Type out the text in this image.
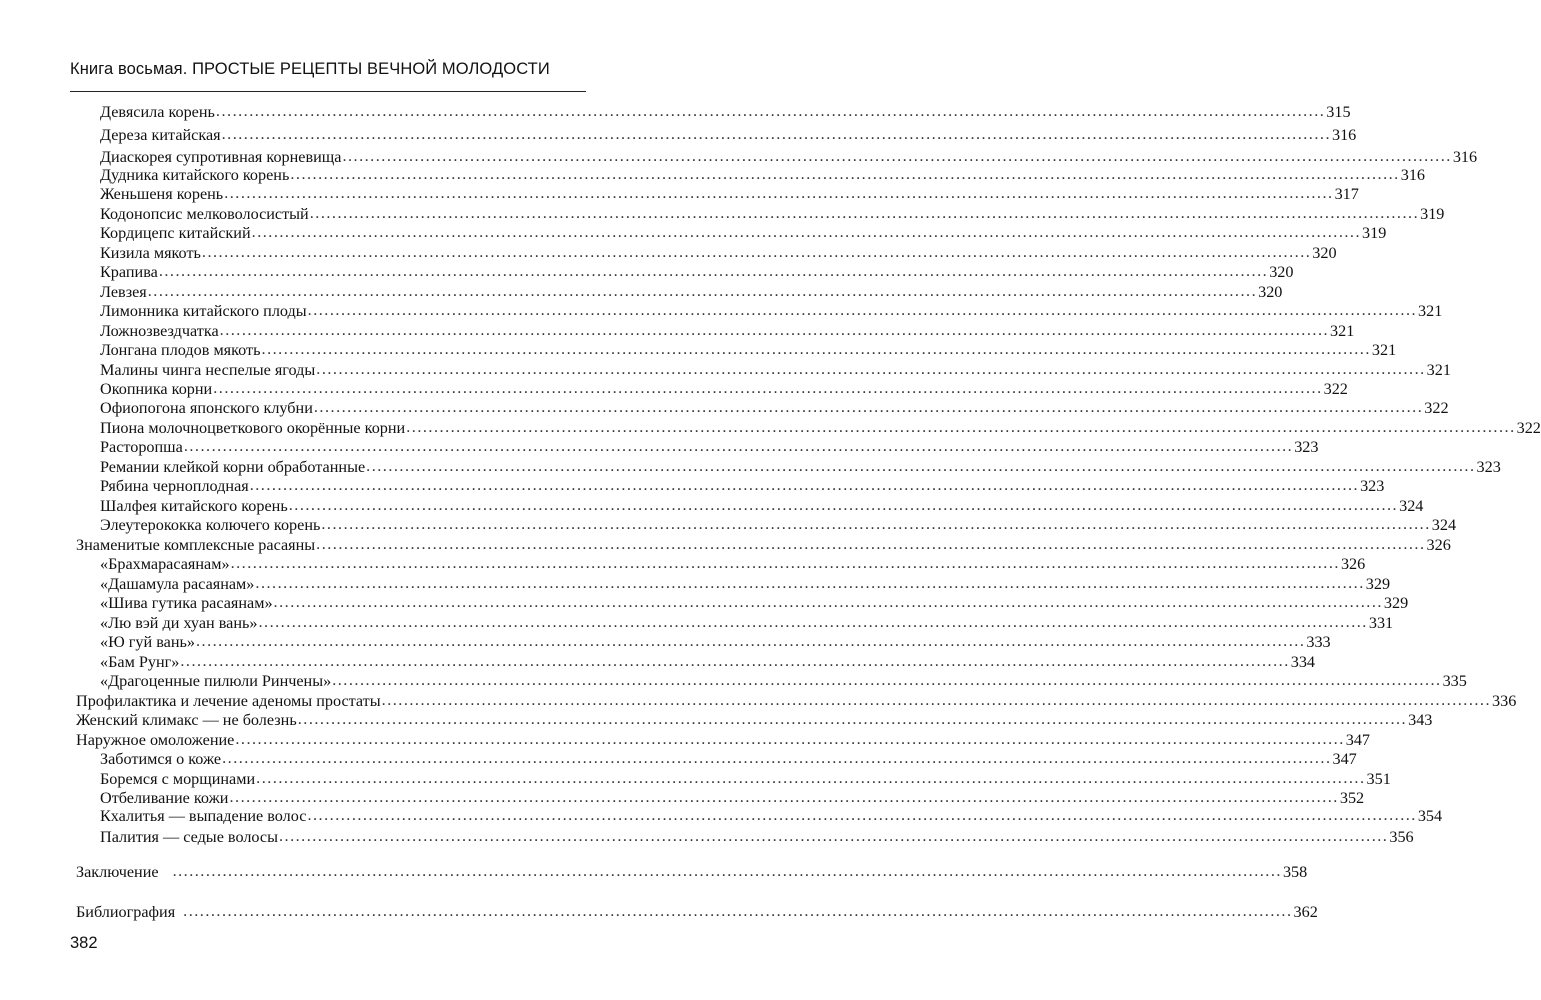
Книга восьмая. ПРОСТЫЕ РЕЦЕПТЫ ВЕЧНОЙ МОЛОДОСТИ
Девясила корень ........................................................................................................................................................................................................ 315
Дереза китайская ........................................................................................................................................................................................................ 316
Диаскорея супротивная корневища ........................................................................................................................................................................................................ 316
Дудника китайского корень ........................................................................................................................................................................................................ 316
Женьшеня корень ........................................................................................................................................................................................................ 317
Кодонопсис мелковолосистый ........................................................................................................................................................................................................ 319
Кордицепс китайский ........................................................................................................................................................................................................ 319
Кизила мякоть ........................................................................................................................................................................................................ 320
Крапива ........................................................................................................................................................................................................ 320
Левзея ........................................................................................................................................................................................................ 320
Лимонника китайского плоды ........................................................................................................................................................................................................ 321
Ложнозвездчатка ........................................................................................................................................................................................................ 321
Лонгана плодов мякоть ........................................................................................................................................................................................................ 321
Малины чинга неспелые ягоды ........................................................................................................................................................................................................ 321
Окопника корни ........................................................................................................................................................................................................ 322
Офиопогона японского клубни ........................................................................................................................................................................................................ 322
Пиона молочноцветкового окорённые корни ........................................................................................................................................................................................................ 322
Расторопша ........................................................................................................................................................................................................ 323
Ремании клейкой корни обработанные ........................................................................................................................................................................................................ 323
Рябина черноплодная ........................................................................................................................................................................................................ 323
Шалфея китайского корень ........................................................................................................................................................................................................ 324
Элеутерококка колючего корень ........................................................................................................................................................................................................ 324
Знаменитые комплексные расаяны ........................................................................................................................................................................................................ 326
«Брахмарасаянам» ........................................................................................................................................................................................................ 326
«Дашамула расаянам» ........................................................................................................................................................................................................ 329
«Шива гутика расаянам» ........................................................................................................................................................................................................ 329
«Лю вэй ди хуан вань» ........................................................................................................................................................................................................ 331
«Ю гуй вань» ........................................................................................................................................................................................................ 333
«Бам Рунг» ........................................................................................................................................................................................................ 334
«Драгоценные пилюли Ринчены» ........................................................................................................................................................................................................ 335
Профилактика и лечение аденомы простаты ........................................................................................................................................................................................................ 336
Женский климакс — не болезнь ........................................................................................................................................................................................................ 343
Наружное омоложение ........................................................................................................................................................................................................ 347
Заботимся о коже ........................................................................................................................................................................................................ 347
Боремся с морщинами ........................................................................................................................................................................................................ 351
Отбеливание кожи ........................................................................................................................................................................................................ 352
Кхалитья — выпадение волос ........................................................................................................................................................................................................ 354
Палития — седые волосы ........................................................................................................................................................................................................ 356
Заключение ........................................................................................................................................................................................................ 358
Библиография ........................................................................................................................................................................................................ 362
382
